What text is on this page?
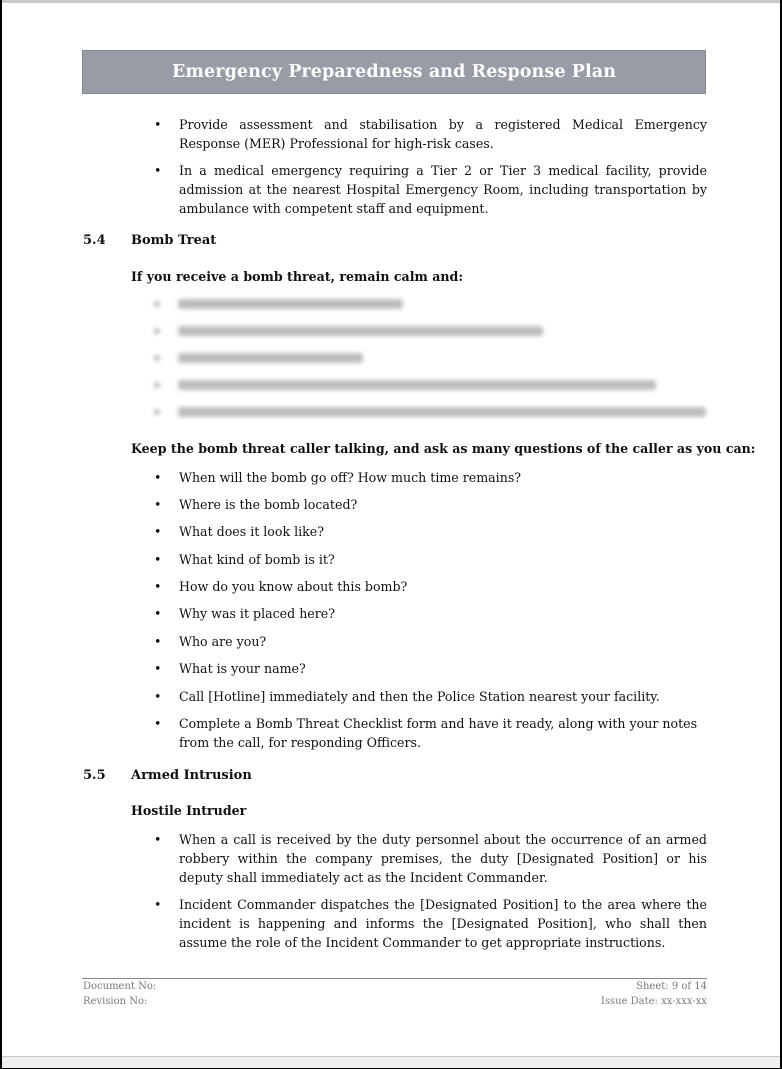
Emergency Preparedness and Response Plan
• Provide assessment and stabilisation by a registered Medical Emergency Response (MER) Professional for high-risk cases.
• In a medical emergency requiring a Tier 2 or Tier 3 medical facility, provide admission at the nearest Hospital Emergency Room, including transportation by ambulance with competent staff and equipment.
5.4 Bomb Treat
If you receive a bomb threat, remain calm and:
Keep the bomb threat caller talking, and ask as many questions of the caller as you can:
• When will the bomb go off? How much time remains?
• Where is the bomb located?
• What does it look like?
• What kind of bomb is it?
• How do you know about this bomb?
• Why was it placed here?
• Who are you?
• What is your name?
• Call [Hotline] immediately and then the Police Station nearest your facility.
• Complete a Bomb Threat Checklist form and have it ready, along with your notes from the call, for responding Officers.
5.5 Armed Intrusion
Hostile Intruder
• When a call is received by the duty personnel about the occurrence of an armed robbery within the company premises, the duty [Designated Position] or his deputy shall immediately act as the Incident Commander.
• Incident Commander dispatches the [Designated Position] to the area where the incident is happening and informs the [Designated Position], who shall then assume the role of the Incident Commander to get appropriate instructions.
Document No:
Revision No:
Sheet: 9 of 14
Issue Date: xx-xxx-xx
